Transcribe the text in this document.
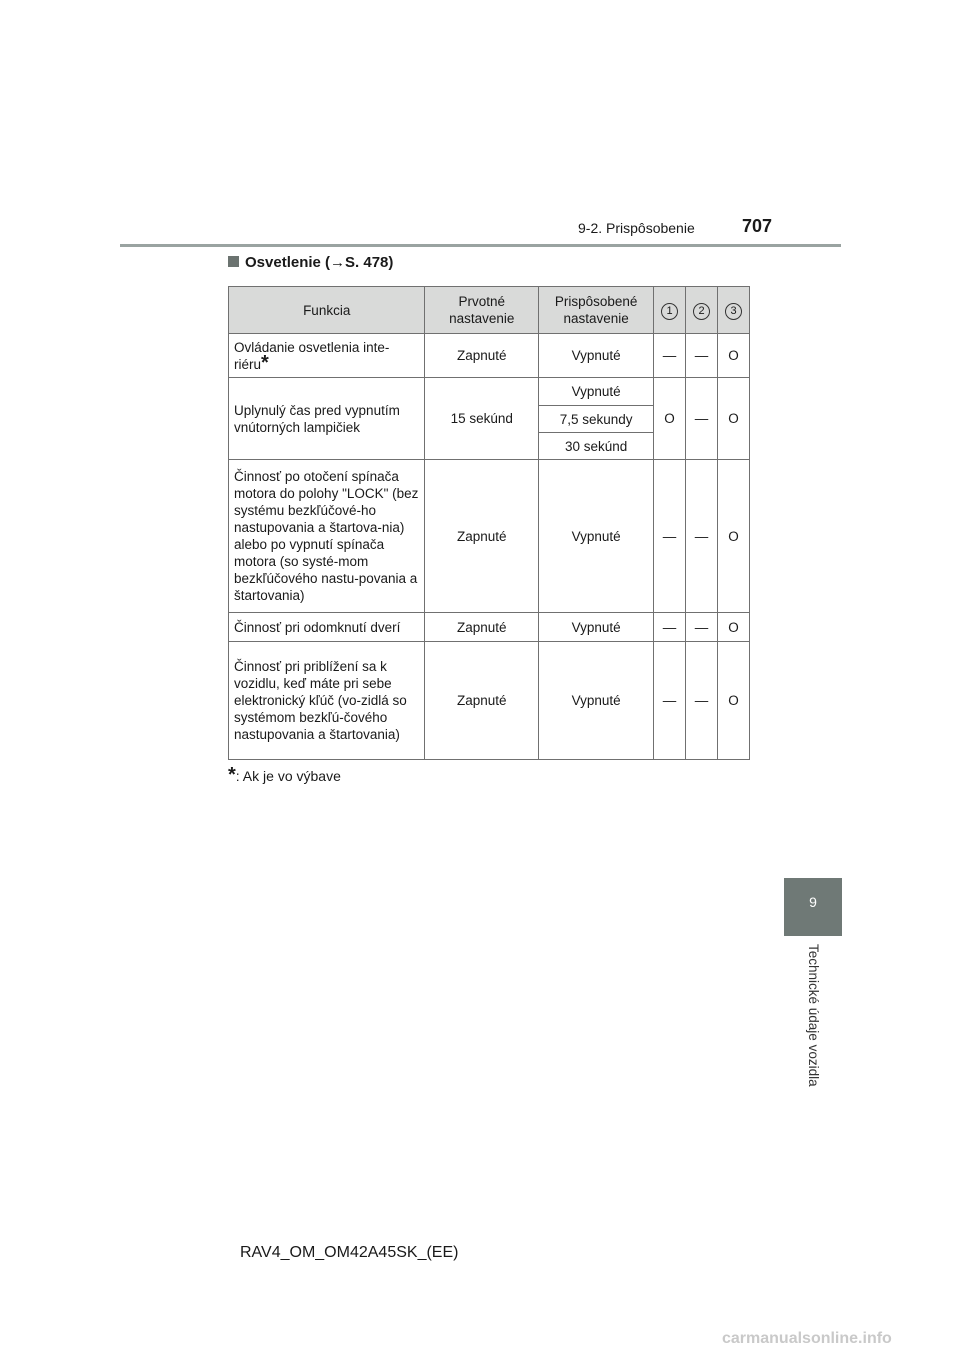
9-2. Prispôsobenie	707
Osvetlenie (→S. 478)
Funkcia	Prvotné nastavenie	Prispôsobené nastavenie	1	2	3
Ovládanie osvetlenia inte-riéru*	Zapnuté	Vypnuté	—	—	O
Uplynulý čas pred vypnutím vnútorných lampičiek	15 sekúnd	Vypnuté	O	—	O
		7,5 sekundy			
		30 sekúnd			
Činnosť po otočení spínača motora do polohy "LOCK" (bez systému bezkľúčové-ho nastupovania a štartova-nia) alebo po vypnutí spínača motora (so systé-mom bezkľúčového nastu-povania a štartovania)	Zapnuté	Vypnuté	—	—	O
Činnosť pri odomknutí dverí	Zapnuté	Vypnuté	—	—	O
Činnosť pri priblížení sa k vozidlu, keď máte pri sebe elektronický kľúč (vo-zidlá so systémom bezkľú-čového nastupovania a štartovania)	Zapnuté	Vypnuté	—	—	O
*: Ak je vo výbave
9
Technické údaje vozidla
RAV4_OM_OM42A45SK_(EE)
carmanualsonline.info
